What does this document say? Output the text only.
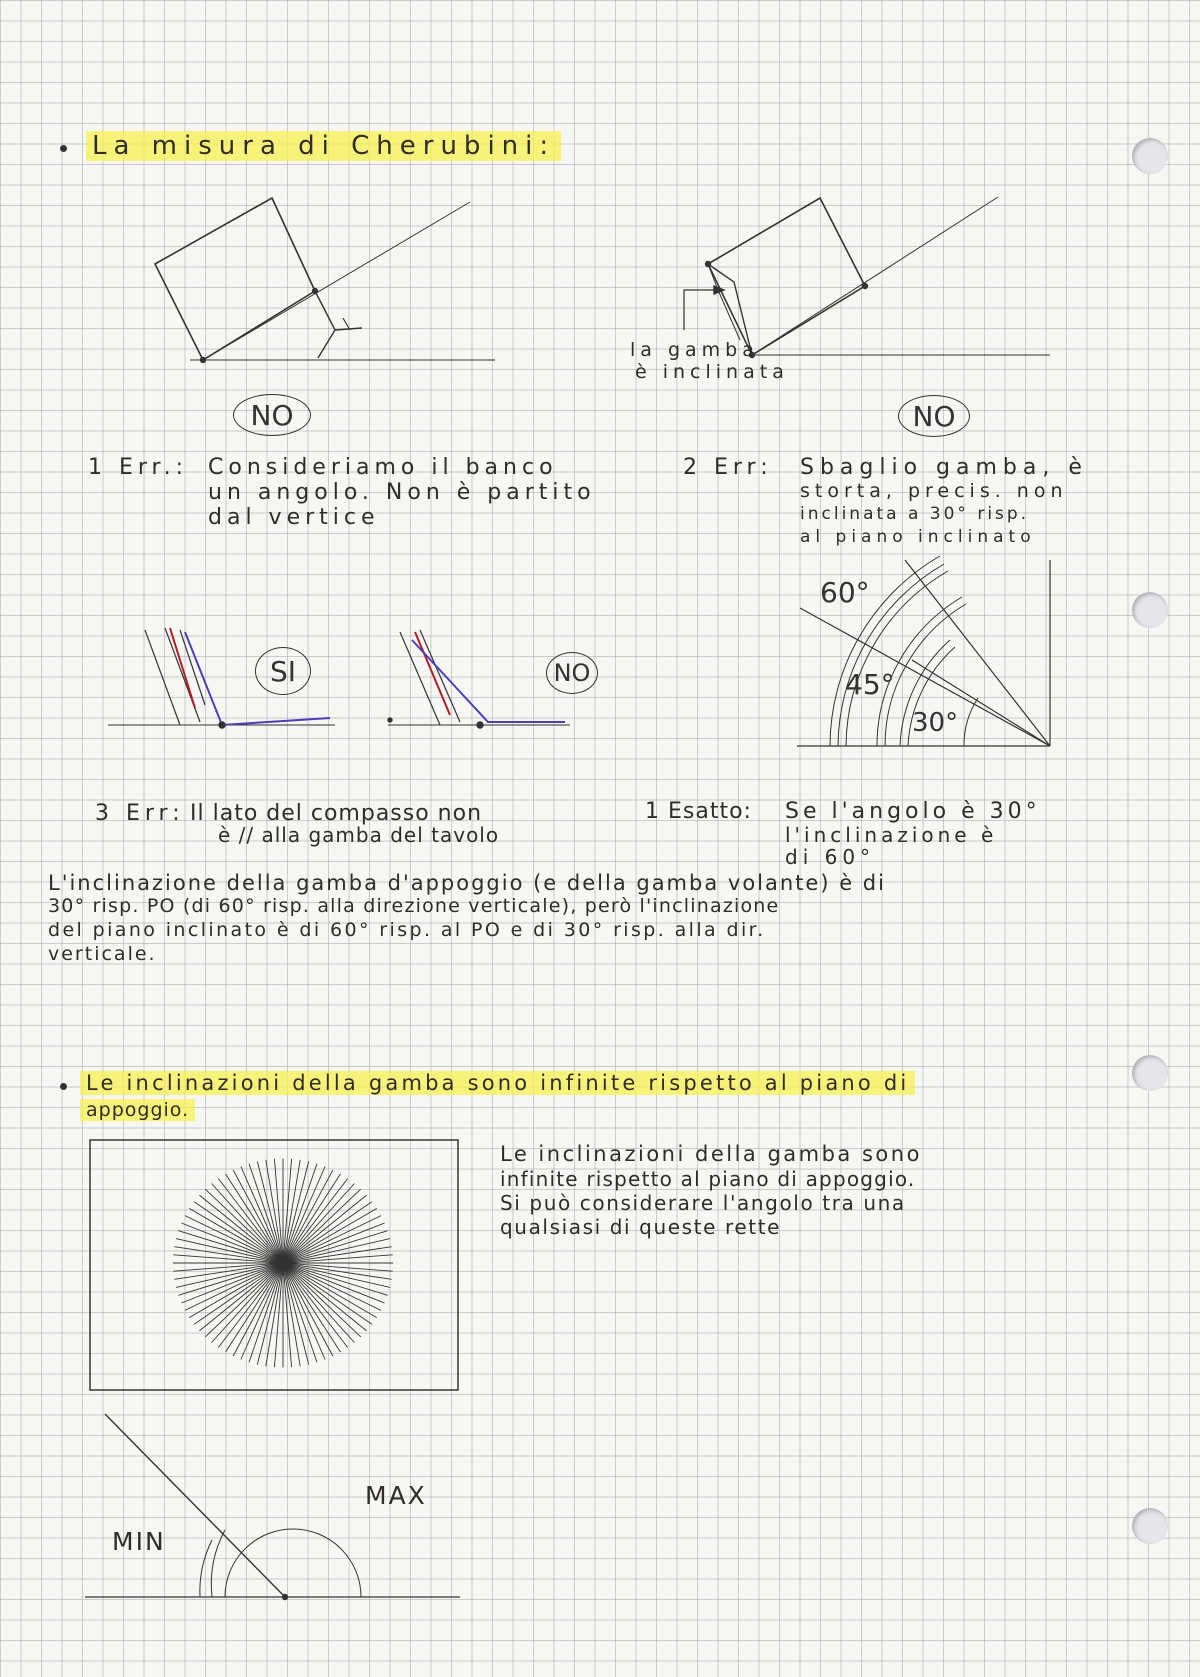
La misura di Cherubini:
NO
la gamba
è inclinata
NO
1 Err.: Consideriamo il banco
un angolo. Non è partito
dal vertice
2 Err: Sbaglio gamba, è
storta, precis. non
inclinata a 30° risp.
al piano inclinato
SI	NO
60°
45°
30°
3 Err: Il lato del compasso non
è // alla gamba del tavolo
1 Esatto: Se l'angolo è 30°
l'inclinazione è
di 60°
L'inclinazione della gamba d'appoggio (e della gamba volante) è di
30° risp. PO (di 60° risp. alla direzione verticale), però l'inclinazione
del piano inclinato è di 60° risp. al PO e di 30° risp. alla dir.
verticale.
Le inclinazioni della gamba sono infinite rispetto al piano di
appoggio.
Le inclinazioni della gamba sono
infinite rispetto al piano di appoggio.
Si può considerare l'angolo tra una
qualsiasi di queste rette
MAX
MIN
